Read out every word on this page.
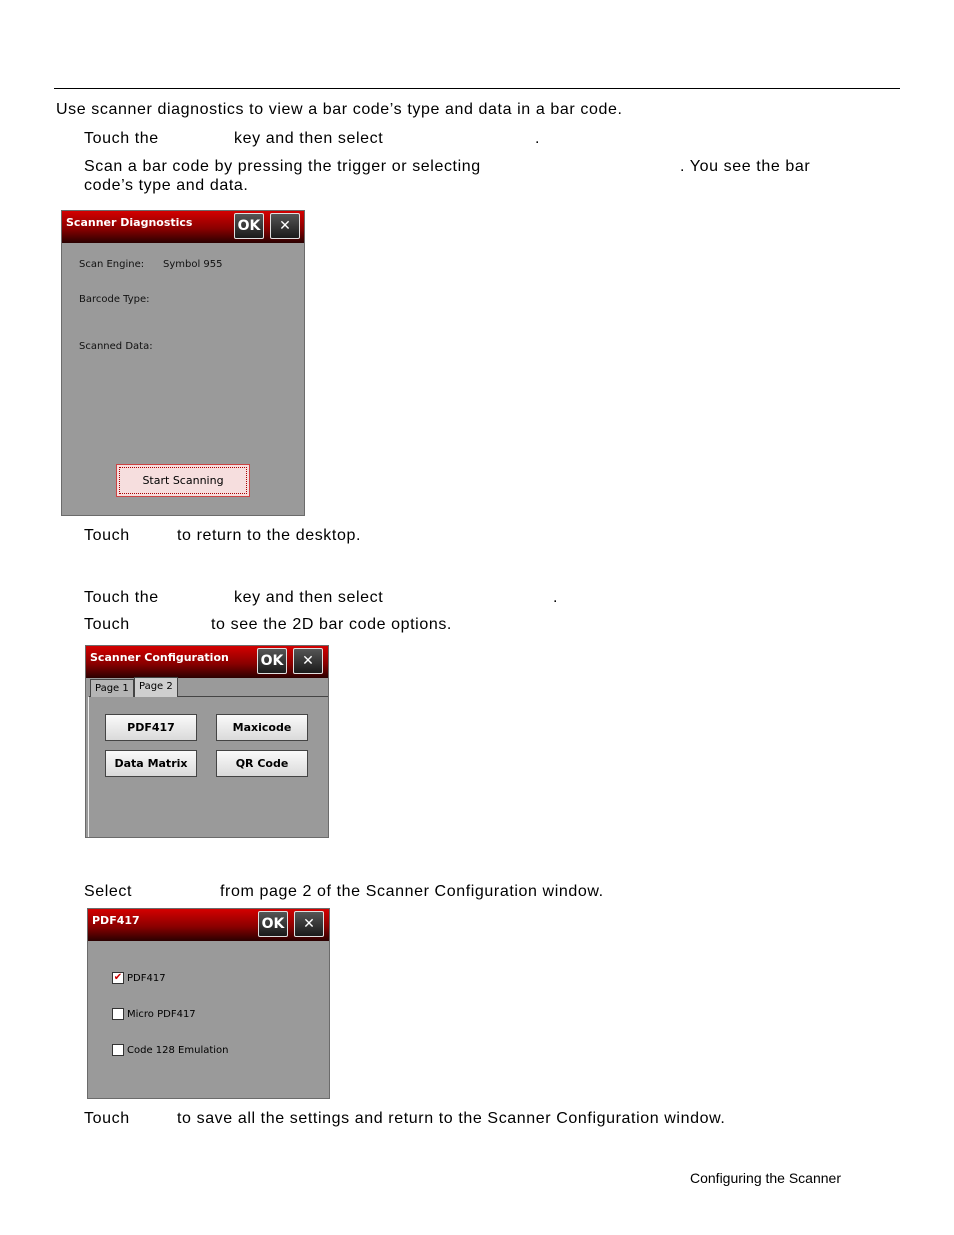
Use scanner diagnostics to view a bar code’s type and data in a bar code.
Touch the	key and then select	.
Scan a bar code by pressing the trigger or selecting	. You see the bar
code’s type and data.
Scanner Diagnostics	OK	✕
Scan Engine: Symbol 955
Barcode Type:
Scanned Data:
Start Scanning
Touch	to return to the desktop.
Touch the	key and then select	.
Touch	to see the 2D bar code options.
Scanner Configuration OK	✕
Page 1	Page 2
PDF417	Maxicode
Data Matrix	QR Code
Select	from page 2 of the Scanner Configuration window.
PDF417	OK	✕
✔ PDF417
Micro PDF417
Code 128 Emulation
Touch	to save all the settings and return to the Scanner Configuration window.
Configuring the Scanner
